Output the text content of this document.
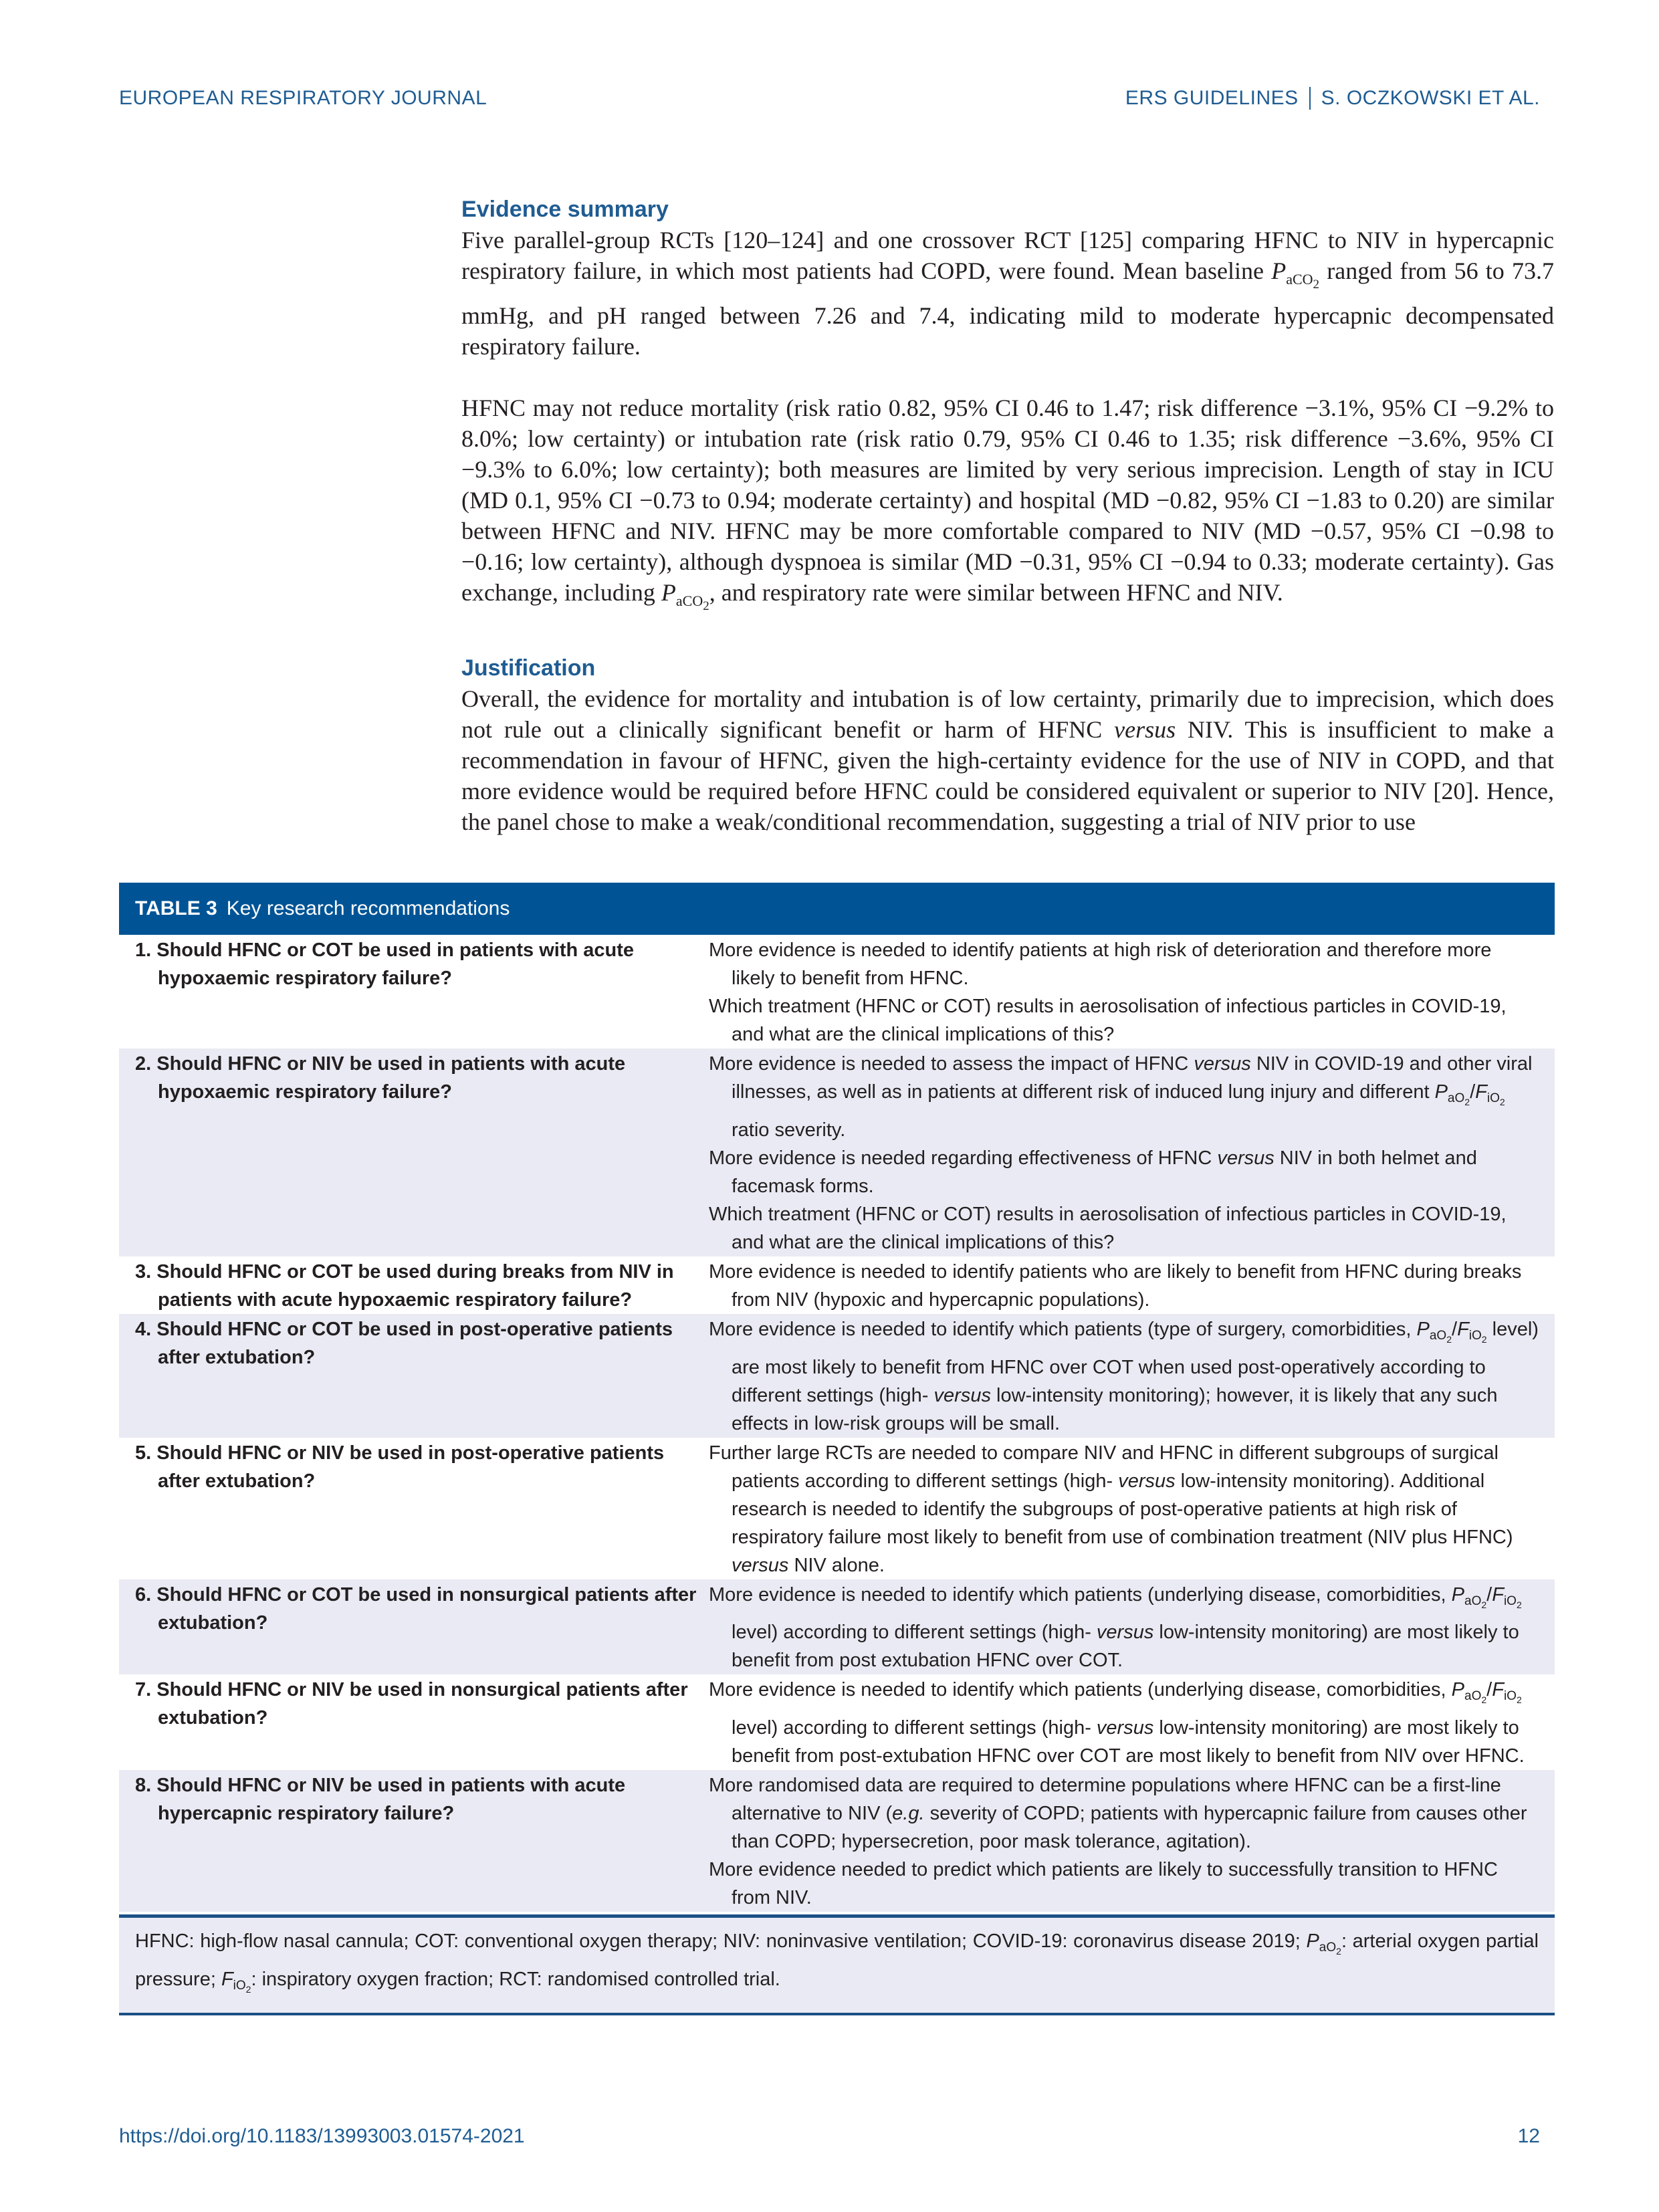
EUROPEAN RESPIRATORY JOURNAL	ERS GUIDELINES S. OCZKOWSKI ET AL.
Evidence summary

Five parallel-group RCTs [120–124] and one crossover RCT [125] comparing HFNC to NIV in hypercapnic respiratory failure, in which most patients had COPD, were found. Mean baseline $P_{aCO2}$ ranged from 56 to 73.7 mmHg, and pH ranged between 7.26 and 7.4, indicating mild to moderate hypercapnic decompensated respiratory failure.

HFNC may not reduce mortality (risk ratio 0.82, 95% CI 0.46 to 1.47; risk difference −3.1%, 95% CI −9.2% to 8.0%; low certainty) or intubation rate (risk ratio 0.79, 95% CI 0.46 to 1.35; risk difference −3.6%, 95% CI −9.3% to 6.0%; low certainty); both measures are limited by very serious imprecision. Length of stay in ICU (MD 0.1, 95% CI −0.73 to 0.94; moderate certainty) and hospital (MD −0.82, 95% CI −1.83 to 0.20) are similar between HFNC and NIV. HFNC may be more comfortable compared to NIV (MD −0.57, 95% CI −0.98 to −0.16; low certainty), although dyspnoea is similar (MD −0.31, 95% CI −0.94 to 0.33; moderate certainty). Gas exchange, including $P_{aCO2}$, and respiratory rate were similar between HFNC and NIV.

Justification

Overall, the evidence for mortality and intubation is of low certainty, primarily due to imprecision, which does not rule out a clinically significant benefit or harm of HFNC versus NIV. This is insufficient to make a recommendation in favour of HFNC, given the high-certainty evidence for the use of NIV in COPD, and that more evidence would be required before HFNC could be considered equivalent or superior to NIV [20]. Hence, the panel chose to make a weak/conditional recommendation, suggesting a trial of NIV prior to use

TABLE 3 Key research recommendations
1. Should HFNC or COT be used in patients with acute hypoxaemic respiratory failure?
More evidence is needed to identify patients at high risk of deterioration and therefore more likely to benefit from HFNC.
Which treatment (HFNC or COT) results in aerosolisation of infectious particles in COVID-19, and what are the clinical implications of this?
2. Should HFNC or NIV be used in patients with acute hypoxaemic respiratory failure?
More evidence is needed to assess the impact of HFNC versus NIV in COVID-19 and other viral illnesses, as well as in patients at different risk of induced lung injury and different $P_{aO_2}/F_{iO_2}$ ratio severity.
More evidence is needed regarding effectiveness of HFNC versus NIV in both helmet and facemask forms.
Which treatment (HFNC or COT) results in aerosolisation of infectious particles in COVID-19, and what are the clinical implications of this?
3. Should HFNC or COT be used during breaks from NIV in patients with acute hypoxaemic respiratory failure?
More evidence is needed to identify patients who are likely to benefit from HFNC during breaks from NIV (hypoxic and hypercapnic populations).
4. Should HFNC or COT be used in post-operative patients after extubation?
More evidence is needed to identify which patients (type of surgery, comorbidities, $P_{aO_2}/F_{iO_2}$ level) are most likely to benefit from HFNC over COT when used post-operatively according to different settings (high- versus low-intensity monitoring); however, it is likely that any such effects in low-risk groups will be small.
5. Should HFNC or NIV be used in post-operative patients after extubation?
Further large RCTs are needed to compare NIV and HFNC in different subgroups of surgical patients according to different settings (high- versus low-intensity monitoring). Additional research is needed to identify the subgroups of post-operative patients at high risk of respiratory failure most likely to benefit from use of combination treatment (NIV plus HFNC) versus NIV alone.
6. Should HFNC or COT be used in nonsurgical patients after extubation?
More evidence is needed to identify which patients (underlying disease, comorbidities, $P_{aO_2}/F_{iO_2}$ level) according to different settings (high- versus low-intensity monitoring) are most likely to benefit from post extubation HFNC over COT.
7. Should HFNC or NIV be used in nonsurgical patients after extubation?
More evidence is needed to identify which patients (underlying disease, comorbidities, $P_{aO_2}/F_{iO_2}$ level) according to different settings (high- versus low-intensity monitoring) are most likely to benefit from post-extubation HFNC over COT are most likely to benefit from NIV over HFNC.
8. Should HFNC or NIV be used in patients with acute hypercapnic respiratory failure?
More randomised data are required to determine populations where HFNC can be a first-line alternative to NIV (e.g. severity of COPD; patients with hypercapnic failure from causes other than COPD; hypersecretion, poor mask tolerance, agitation).
More evidence needed to predict which patients are likely to successfully transition to HFNC from NIV.
HFNC: high-flow nasal cannula; COT: conventional oxygen therapy; NIV: noninvasive ventilation; COVID-19: coronavirus disease 2019; $P_{aO_2}$: arterial oxygen partial pressure; $F_{iO_2}$: inspiratory oxygen fraction; RCT: randomised controlled trial.
https://doi.org/10.1183/13993003.01574-2021	12
